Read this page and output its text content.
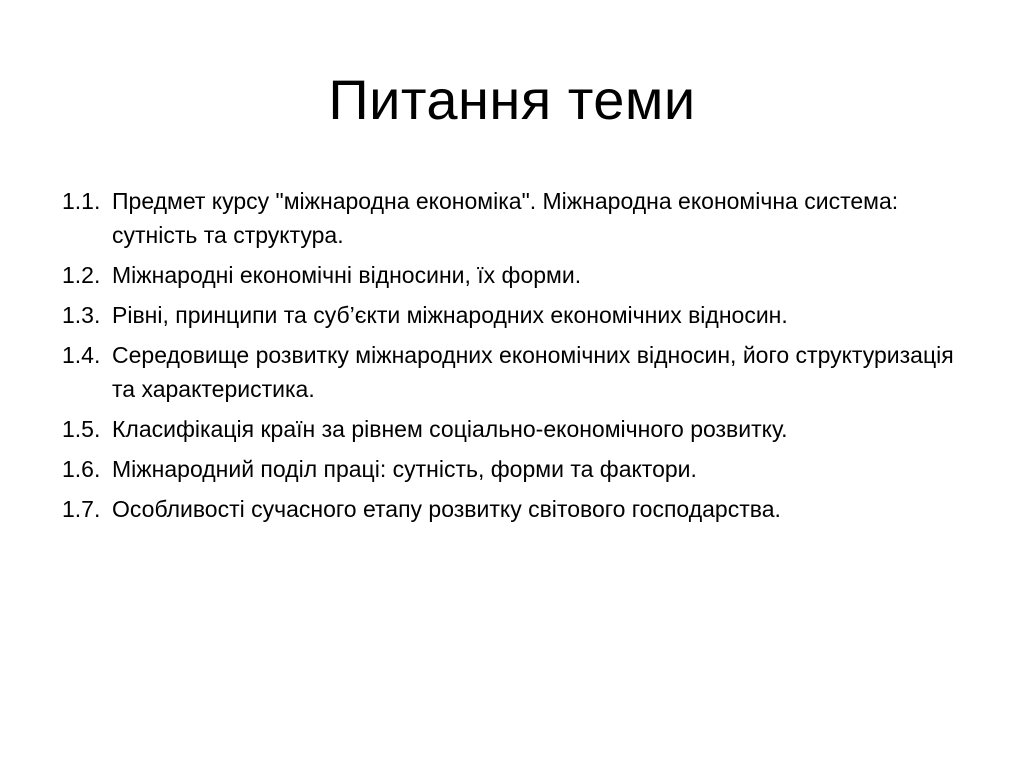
Питання теми
1.1. Предмет курсу "міжнародна економіка". Міжнародна економічна система: сутність та структура.
1.2. Міжнародні економічні відносини, їх форми.
1.3. Рівні, принципи та суб’єкти міжнародних економічних відносин.
1.4. Середовище розвитку міжнародних економічних відносин, його структуризація та характеристика.
1.5. Класифікація країн за рівнем соціально-економічного розвитку.
1.6. Міжнародний поділ праці: сутність, форми та фактори.
1.7. Особливості сучасного етапу розвитку світового господарства.
